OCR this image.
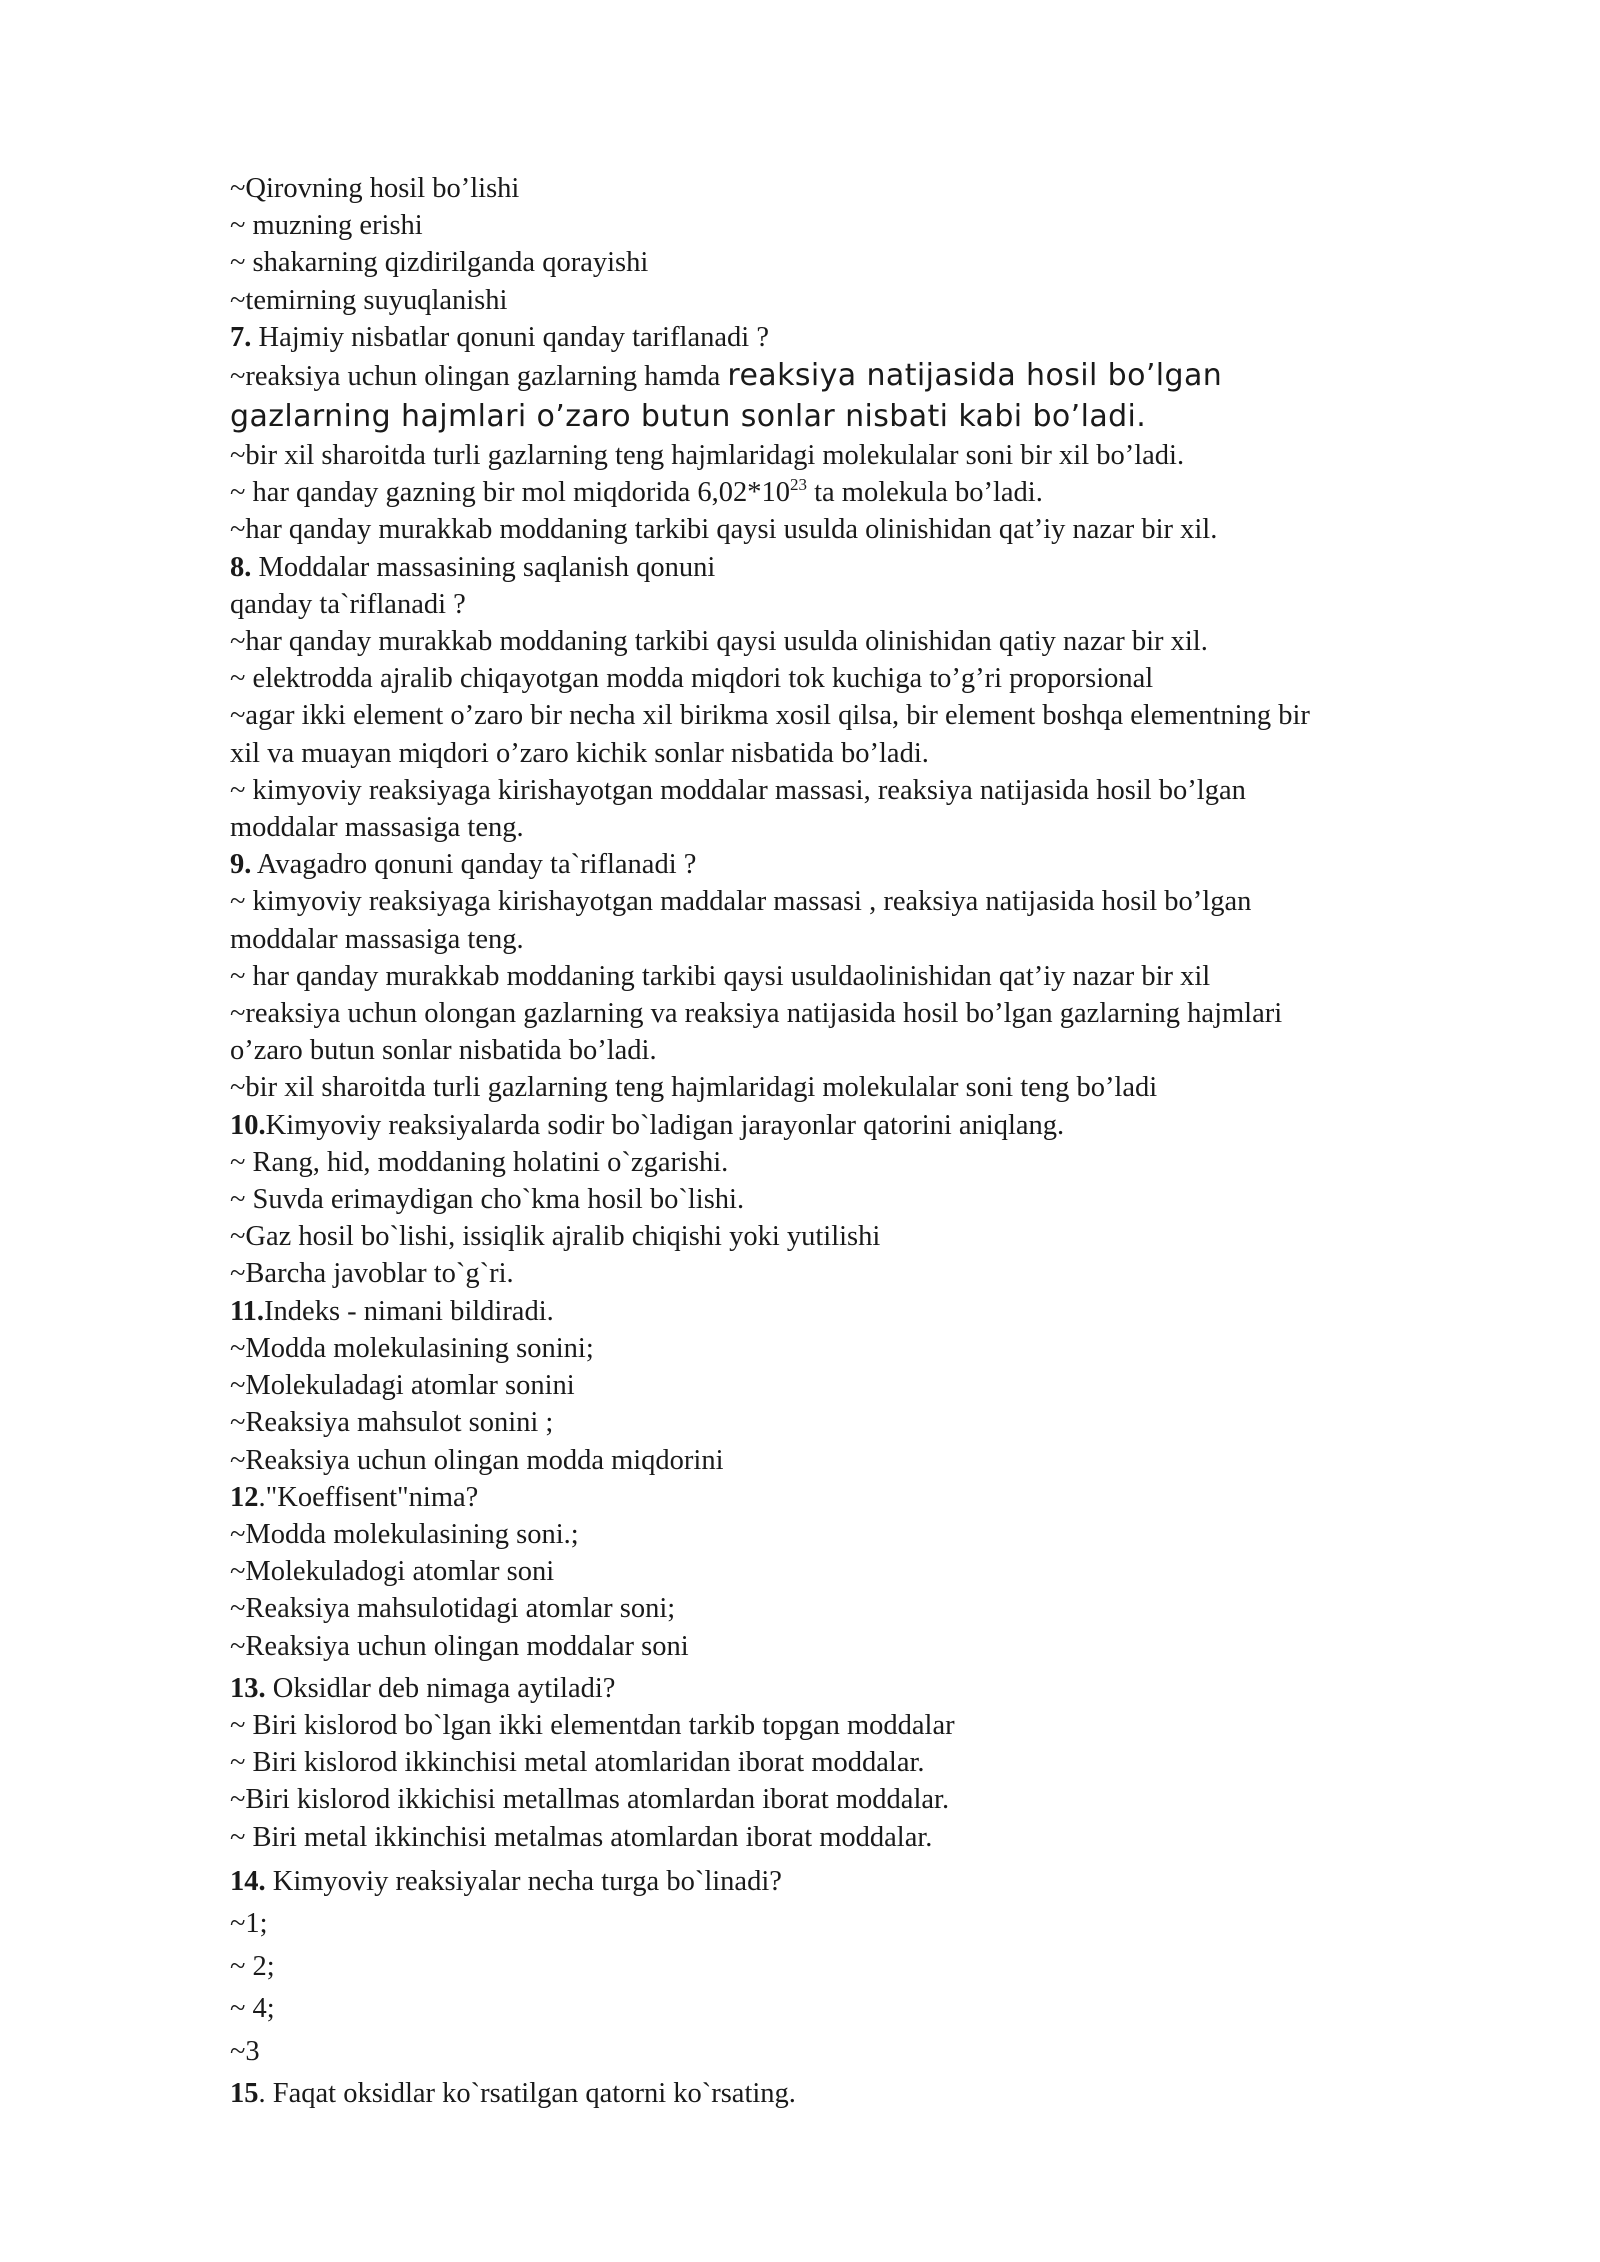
~Qirovning hosil bo’lishi
~ muzning erishi
~ shakarning qizdirilganda qorayishi
~temirning suyuqlanishi
7. Hajmiy nisbatlar qonuni qanday tariflanadi ?
~reaksiya uchun olingan gazlarning hamda reaksiya natijasida hosil bo’lgan
gazlarning hajmlari o’zaro butun sonlar nisbati kabi bo’ladi.
~bir xil sharoitda turli gazlarning teng hajmlaridagi molekulalar soni bir xil bo’ladi.
~ har qanday gazning bir mol miqdorida $6,02*10^{23}$ ta molekula bo’ladi.
~har qanday murakkab moddaning tarkibi qaysi usulda olinishidan qat’iy nazar bir xil.
8. Moddalar massasining saqlanish qonuni
qanday ta`riflanadi ?
~har qanday murakkab moddaning tarkibi qaysi usulda olinishidan qatiy nazar bir xil.
~ elektrodda ajralib chiqayotgan modda miqdori tok kuchiga to’g’ri proporsional
~agar ikki element o’zaro bir necha xil birikma xosil qilsa, bir element boshqa elementning bir
xil va muayan miqdori o’zaro kichik sonlar nisbatida bo’ladi.
~ kimyoviy reaksiyaga kirishayotgan moddalar massasi, reaksiya natijasida hosil bo’lgan
moddalar massasiga teng.
9. Avagadro qonuni qanday ta`riflanadi ?
~ kimyoviy reaksiyaga kirishayotgan maddalar massasi , reaksiya natijasida hosil bo’lgan
moddalar massasiga teng.
~ har qanday murakkab moddaning tarkibi qaysi usuldaolinishidan qat’iy nazar bir xil
~reaksiya uchun olongan gazlarning va reaksiya natijasida hosil bo’lgan gazlarning hajmlari
o’zaro butun sonlar nisbatida bo’ladi.
~bir xil sharoitda turli gazlarning teng hajmlaridagi molekulalar soni teng bo’ladi
10.Kimyoviy reaksiyalarda sodir bo`ladigan jarayonlar qatorini aniqlang.
~ Rang, hid, moddaning holatini o`zgarishi.
~ Suvda erimaydigan cho`kma hosil bo`lishi.
~Gaz hosil bo`lishi, issiqlik ajralib chiqishi yoki yutilishi
~Barcha javoblar to`g`ri.
11.Indeks - nimani bildiradi.
~Modda molekulasining sonini;
~Molekuladagi atomlar sonini
~Reaksiya mahsulot sonini ;
~Reaksiya uchun olingan modda miqdorini
12."Koeffisent"nima?
~Modda molekulasining soni.;
~Molekuladogi atomlar soni
~Reaksiya mahsulotidagi atomlar soni;
~Reaksiya uchun olingan moddalar soni
13. Oksidlar deb nimaga aytiladi?
~ Biri kislorod bo`lgan ikki elementdan tarkib topgan moddalar
~ Biri kislorod ikkinchisi metal atomlaridan iborat moddalar.
~Biri kislorod ikkichisi metallmas atomlardan iborat moddalar.
~ Biri metal ikkinchisi metalmas atomlardan iborat moddalar.
14. Kimyoviy reaksiyalar necha turga bo`linadi?
~1;
~ 2;
~ 4;
~3
15. Faqat oksidlar ko`rsatilgan qatorni ko`rsating.
